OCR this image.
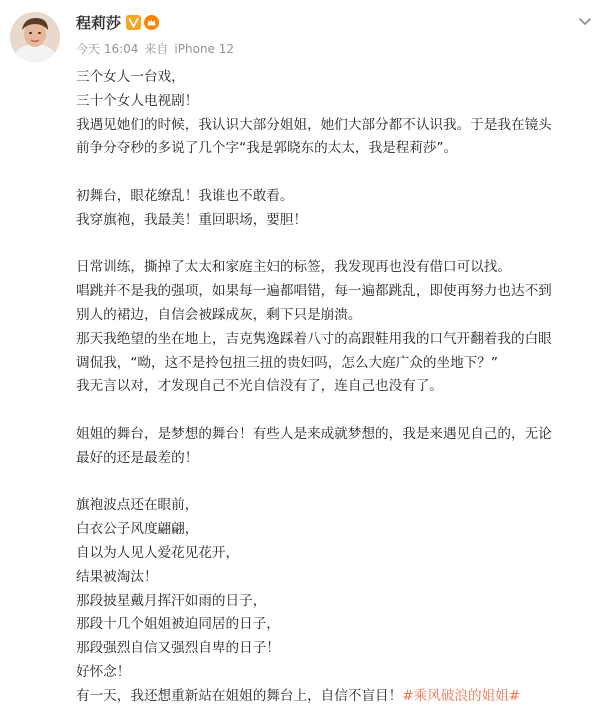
程莉莎
今天 16:04 来自 iPhone 12
三个女人一台戏，
三十个女人电视剧！
我遇见她们的时候，我认识大部分姐姐，她们大部分都不认识我。于是我在镜头
前争分夺秒的多说了几个字“我是郭晓东的太太，我是程莉莎”。
初舞台，眼花缭乱！我谁也不敢看。
我穿旗袍，我最美！重回职场，要胆！
日常训练，撕掉了太太和家庭主妇的标签，我发现再也没有借口可以找。
唱跳并不是我的强项，如果每一遍都唱错，每一遍都跳乱，即使再努力也达不到
别人的裙边，自信会被踩成灰，剩下只是崩溃。
那天我绝望的坐在地上，吉克隽逸踩着八寸的高跟鞋用我的口气开翻着我的白眼
调侃我，“呦，这不是拎包扭三扭的贵妇吗，怎么大庭广众的坐地下？”
我无言以对，才发现自己不光自信没有了，连自己也没有了。
姐姐的舞台，是梦想的舞台！有些人是来成就梦想的，我是来遇见自己的，无论
最好的还是最差的！
旗袍波点还在眼前，
白衣公子风度翩翩，
自以为人见人爱花见花开，
结果被淘汰！
那段披星戴月挥汗如雨的日子，
那段十几个姐姐被迫同居的日子，
那段强烈自信又强烈自卑的日子！
好怀念！
有一天，我还想重新站在姐姐的舞台上，自信不盲目！#乘风破浪的姐姐#
